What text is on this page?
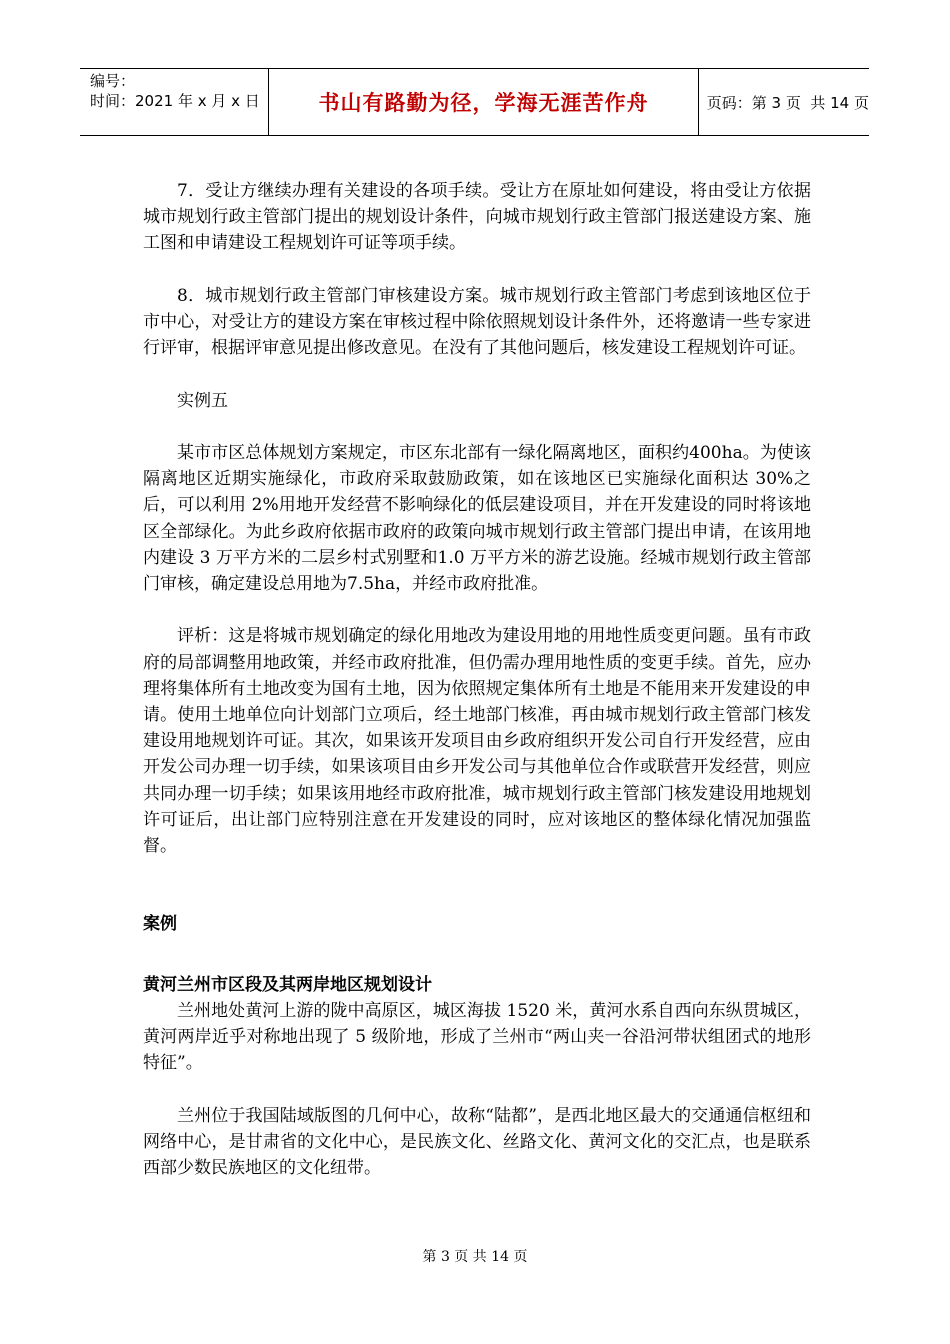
编号：
时间：2021 年 x 月 x 日	书山有路勤为径，学海无涯苦作舟	页码：第 3 页  共 14 页

7．受让方继续办理有关建设的各项手续。受让方在原址如何建设，将由受让方依据城市规划行政主管部门提出的规划设计条件，向城市规划行政主管部门报送建设方案、施工图和申请建设工程规划许可证等项手续。

8．城市规划行政主管部门审核建设方案。城市规划行政主管部门考虑到该地区位于市中心，对受让方的建设方案在审核过程中除依照规划设计条件外，还将邀请一些专家进行评审，根据评审意见提出修改意见。在没有了其他问题后，核发建设工程规划许可证。

实例五

某市市区总体规划方案规定，市区东北部有一绿化隔离地区，面积约400ha。为使该隔离地区近期实施绿化，市政府采取鼓励政策，如在该地区已实施绿化面积达 30%之后，可以利用 2%用地开发经营不影响绿化的低层建设项目，并在开发建设的同时将该地区全部绿化。为此乡政府依据市政府的政策向城市规划行政主管部门提出申请，在该用地内建设 3 万平方米的二层乡村式别墅和1.0 万平方米的游艺设施。经城市规划行政主管部门审核，确定建设总用地为7.5ha，并经市政府批准。

评析：这是将城市规划确定的绿化用地改为建设用地的用地性质变更问题。虽有市政府的局部调整用地政策，并经市政府批准，但仍需办理用地性质的变更手续。首先，应办理将集体所有土地改变为国有土地，因为依照规定集体所有土地是不能用来开发建设的申请。使用土地单位向计划部门立项后，经土地部门核准，再由城市规划行政主管部门核发建设用地规划许可证。其次，如果该开发项目由乡政府组织开发公司自行开发经营，应由开发公司办理一切手续，如果该项目由乡开发公司与其他单位合作或联营开发经营，则应共同办理一切手续；如果该用地经市政府批准，城市规划行政主管部门核发建设用地规划许可证后，出让部门应特别注意在开发建设的同时，应对该地区的整体绿化情况加强监督。

案例

黄河兰州市区段及其两岸地区规划设计

兰州地处黄河上游的陇中高原区，城区海拔 1520 米，黄河水系自西向东纵贯城区，黄河两岸近乎对称地出现了 5 级阶地，形成了兰州市“两山夹一谷沿河带状组团式的地形特征”。

兰州位于我国陆域版图的几何中心，故称“陆都”，是西北地区最大的交通通信枢纽和网络中心，是甘肃省的文化中心，是民族文化、丝路文化、黄河文化的交汇点，也是联系西部少数民族地区的文化纽带。

第 3 页 共 14 页
